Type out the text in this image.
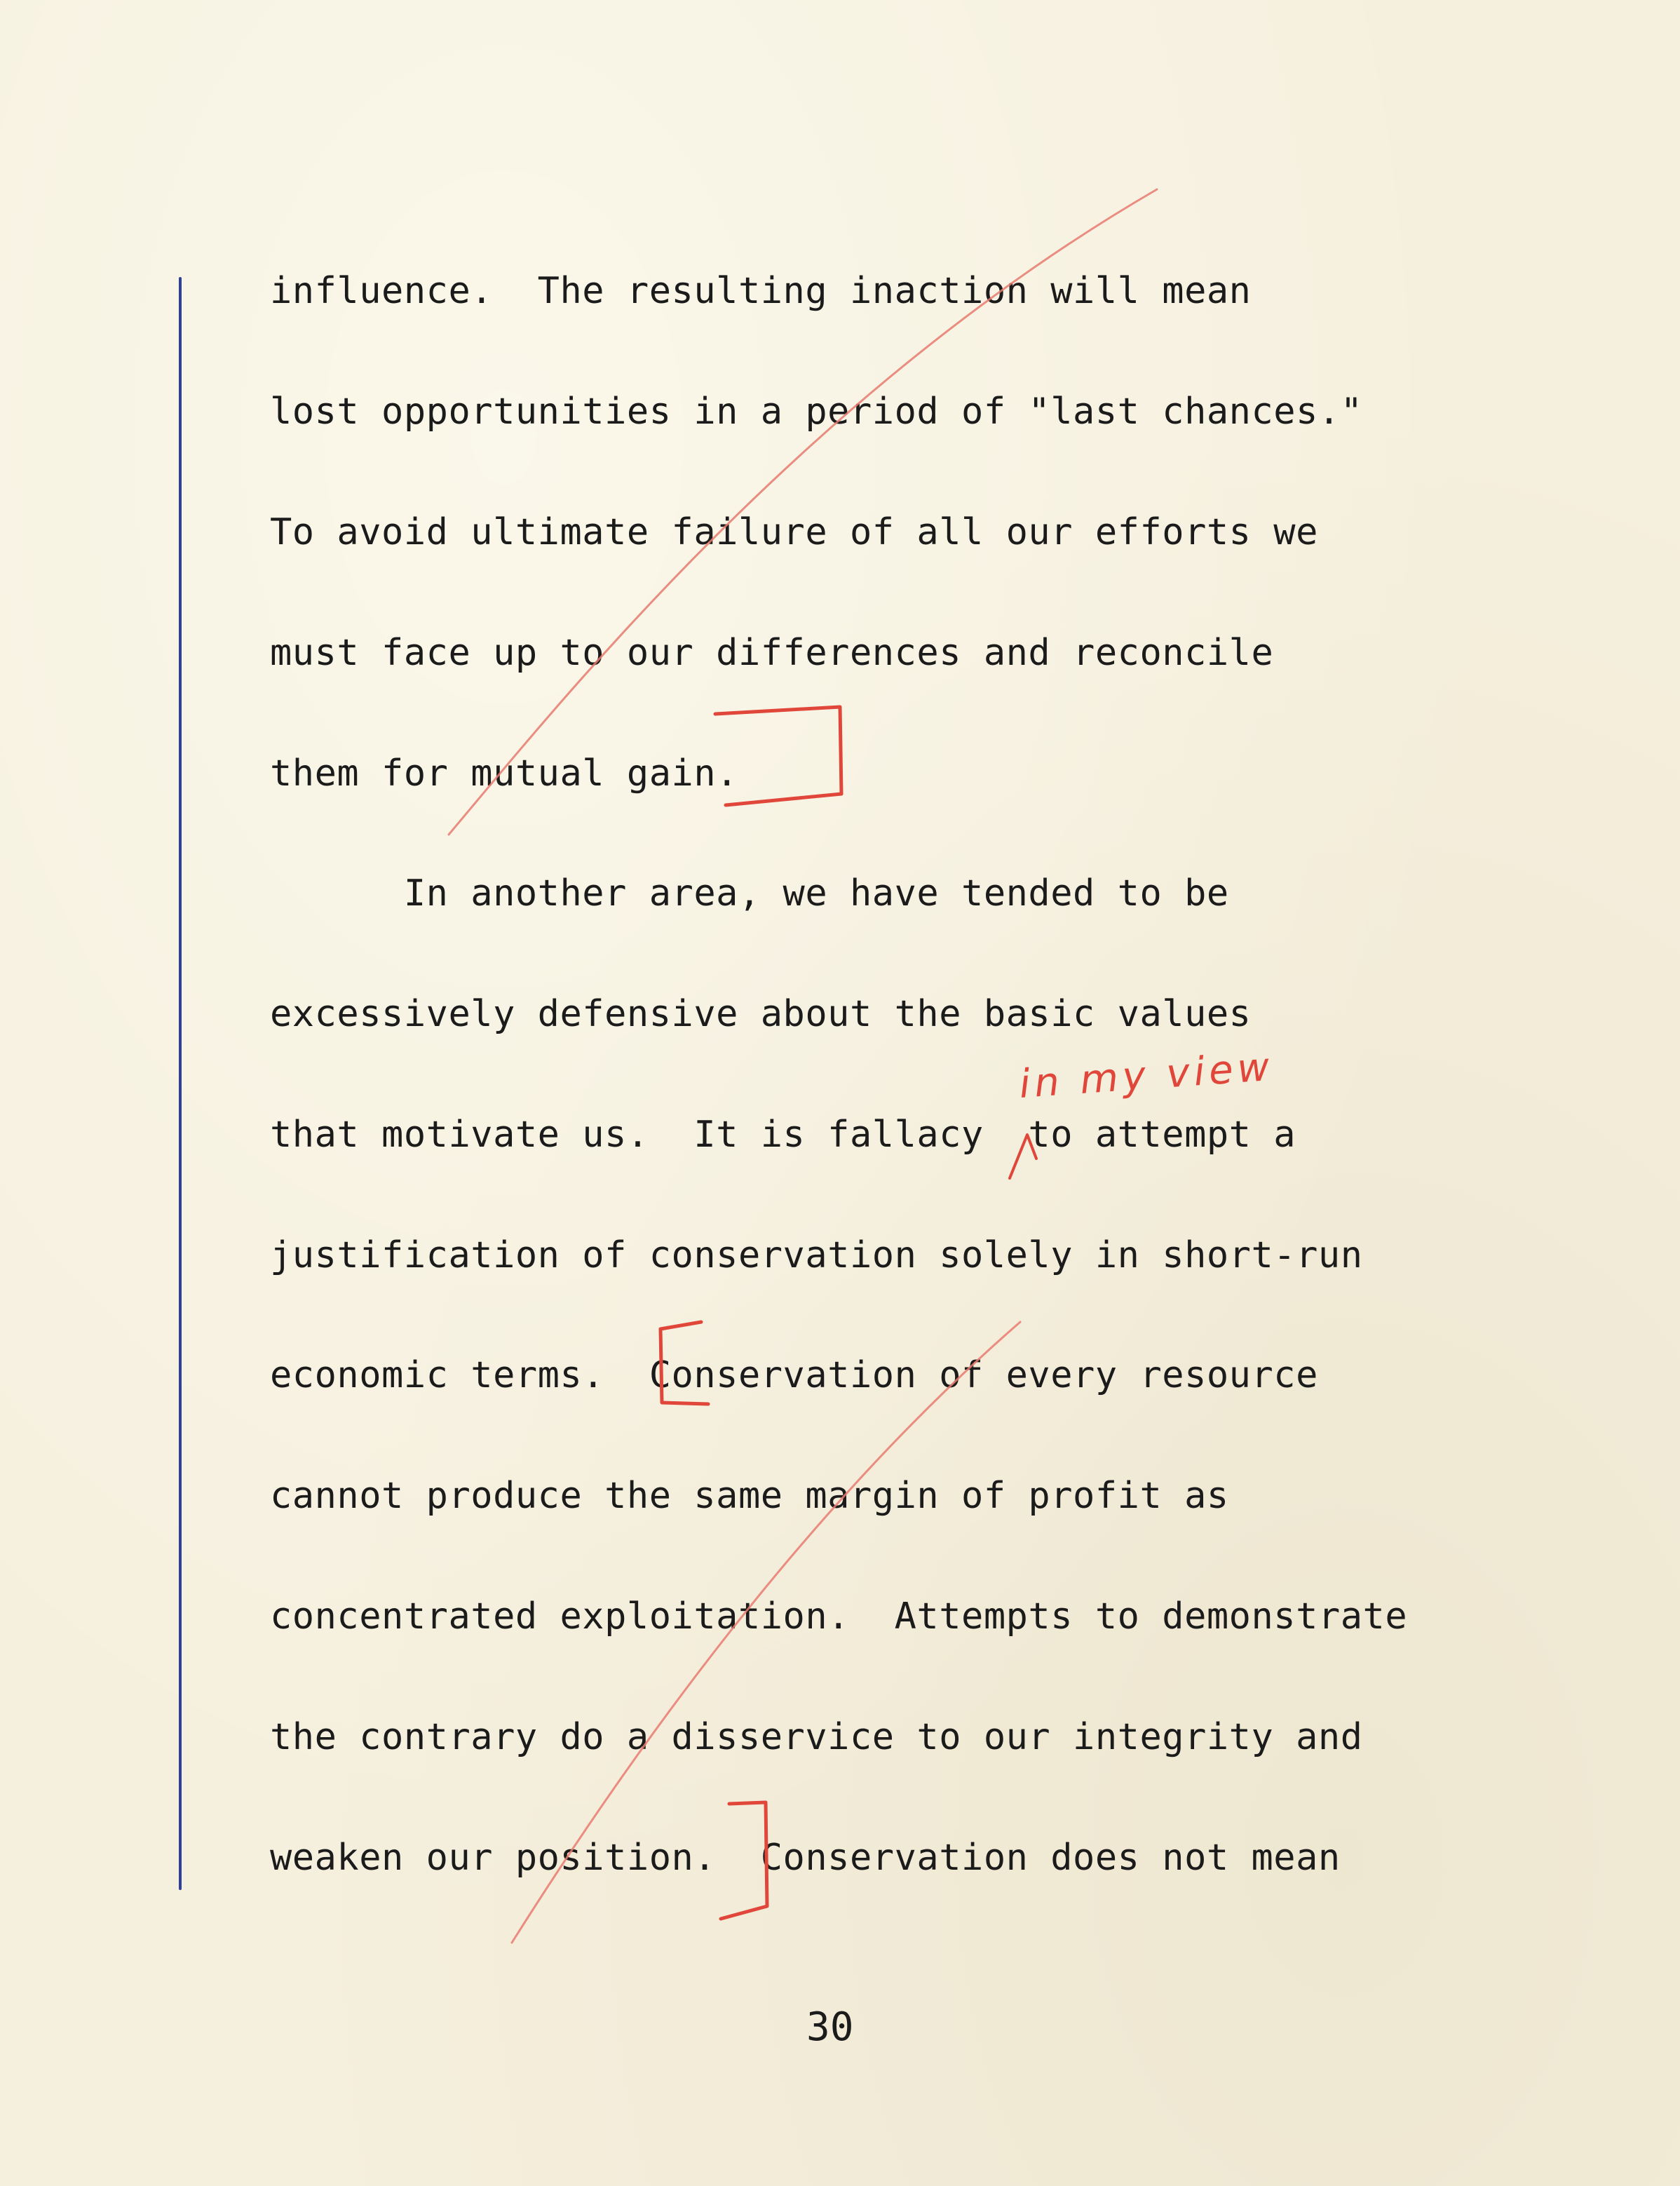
influence.  The resulting inaction will mean
lost opportunities in a period of "last chances."
To avoid ultimate failure of all our efforts we
must face up to our differences and reconcile
them for mutual gain.
In another area, we have tended to be
excessively defensive about the basic values
that motivate us.  It is fallacy  to attempt a
justification of conservation solely in short-run
economic terms.  Conservation of every resource
cannot produce the same margin of profit as
concentrated exploitation.  Attempts to demonstrate
the contrary do a disservice to our integrity and
weaken our position.  Conservation does not mean
in my view
30
